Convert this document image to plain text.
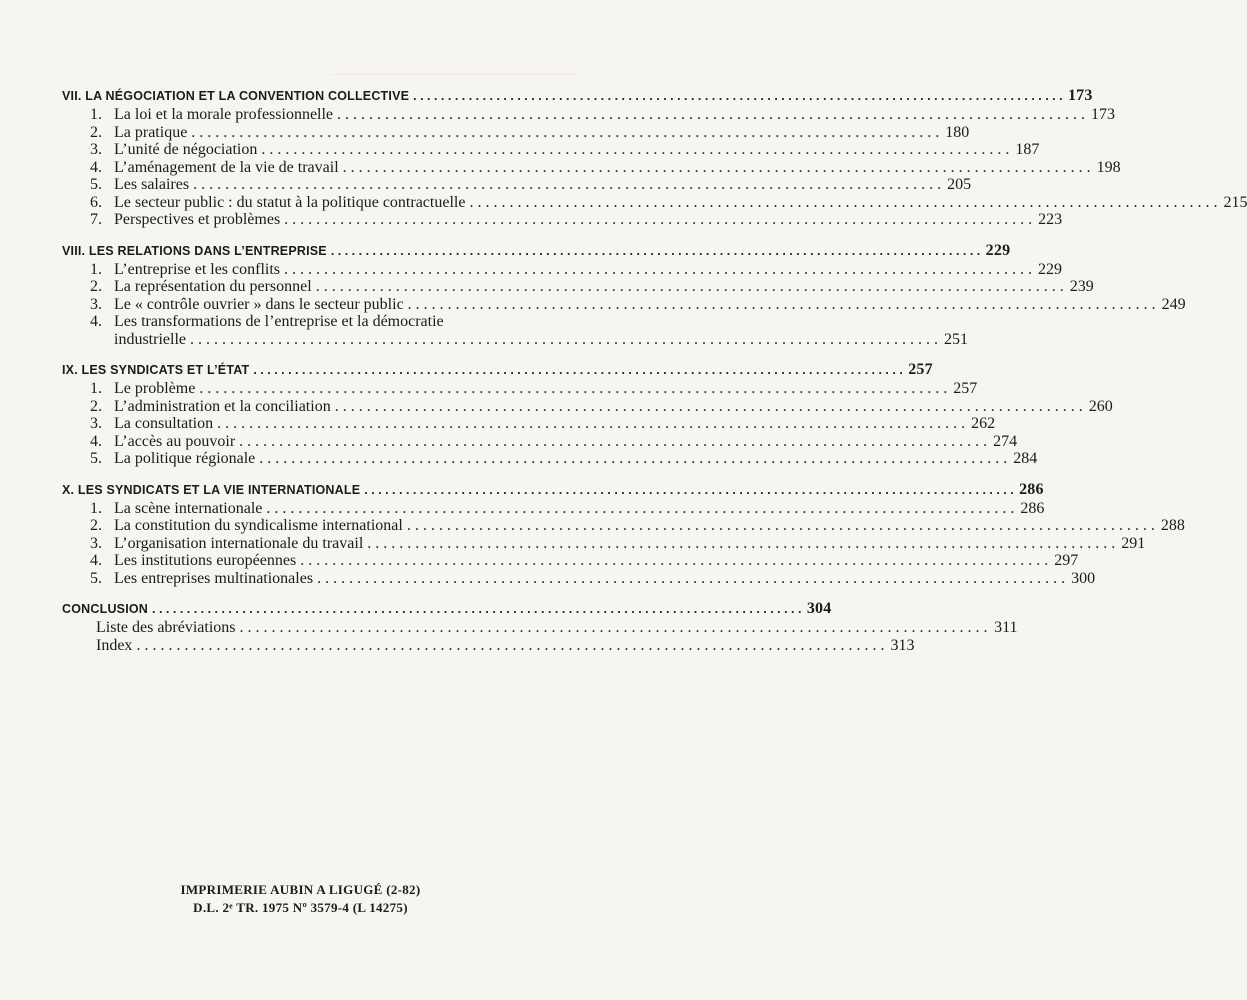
VII. LA NÉGOCIATION ET LA CONVENTION COLLECTIVE . . .	173
1. La loi et la morale professionnelle . . .	173
2. La pratique . . .	180
3. L’unité de négociation . . .	187
4. L’aménagement de la vie de travail . . .	198
5. Les salaires . . .	205
6. Le secteur public : du statut à la politique contractuelle . . .	215
7. Perspectives et problèmes . . .	223
VIII. LES RELATIONS DANS L’ENTREPRISE . . .	229
1. L’entreprise et les conflits . . .	229
2. La représentation du personnel . . .	239
3. Le « contrôle ouvrier » dans le secteur public . . .	249
4. Les transformations de l’entreprise et la démocratie
industrielle . . .	251
IX. LES SYNDICATS ET L’ÉTAT . . .	257
1. Le problème . . .	257
2. L’administration et la conciliation . . .	260
3. La consultation . . .	262
4. L’accès au pouvoir . . .	274
5. La politique régionale . . .	284
X. LES SYNDICATS ET LA VIE INTERNATIONALE . . .	286
1. La scène internationale . . .	286
2. La constitution du syndicalisme international . . .	288
3. L’organisation internationale du travail . . .	291
4. Les institutions européennes . . .	297
5. Les entreprises multinationales . . .	300
CONCLUSION . . .	304
Liste des abréviations . . .	311
Index . . .	313
IMPRIMERIE AUBIN A LIGUGÉ (2-82)
D.L. 2ᵉ TR. 1975 Nº 3579-4 (L 14275)
